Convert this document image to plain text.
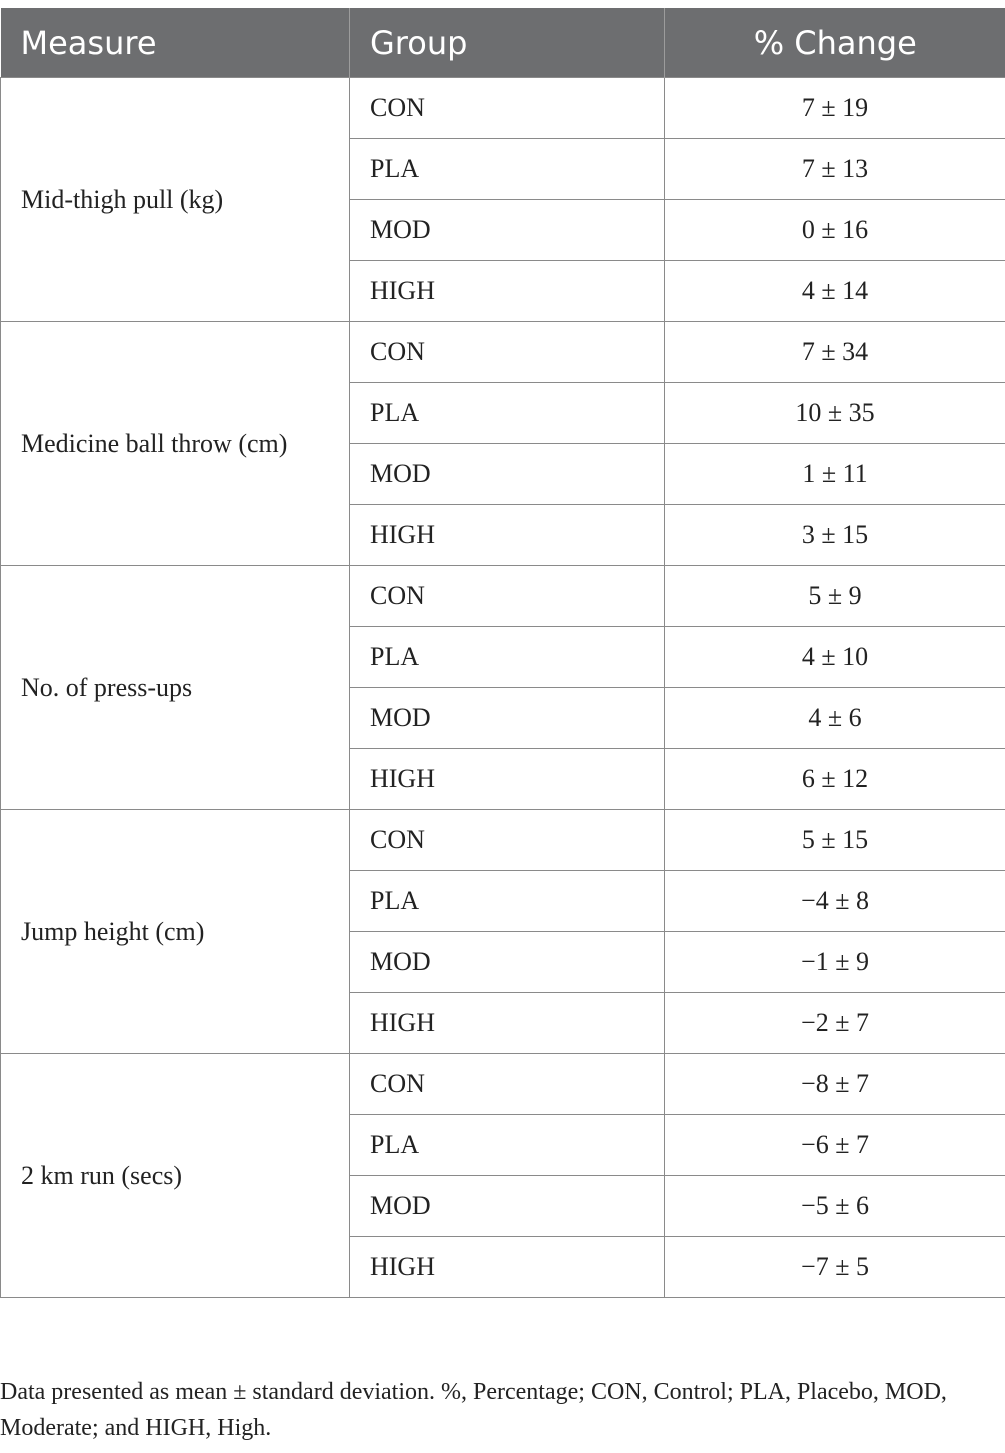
Measure	Group	% Change
Mid-thigh pull (kg)	CON	7 ± 19
	PLA	7 ± 13
	MOD	0 ± 16
	HIGH	4 ± 14
Medicine ball throw (cm)	CON	7 ± 34
	PLA	10 ± 35
	MOD	1 ± 11
	HIGH	3 ± 15
No. of press-ups	CON	5 ± 9
	PLA	4 ± 10
	MOD	4 ± 6
	HIGH	6 ± 12
Jump height (cm)	CON	5 ± 15
	PLA	−4 ± 8
	MOD	−1 ± 9
	HIGH	−2 ± 7
2 km run (secs)	CON	−8 ± 7
	PLA	−6 ± 7
	MOD	−5 ± 6
	HIGH	−7 ± 5
Data presented as mean ± standard deviation. %, Percentage; CON, Control; PLA, Placebo, MOD, Moderate; and HIGH, High.
